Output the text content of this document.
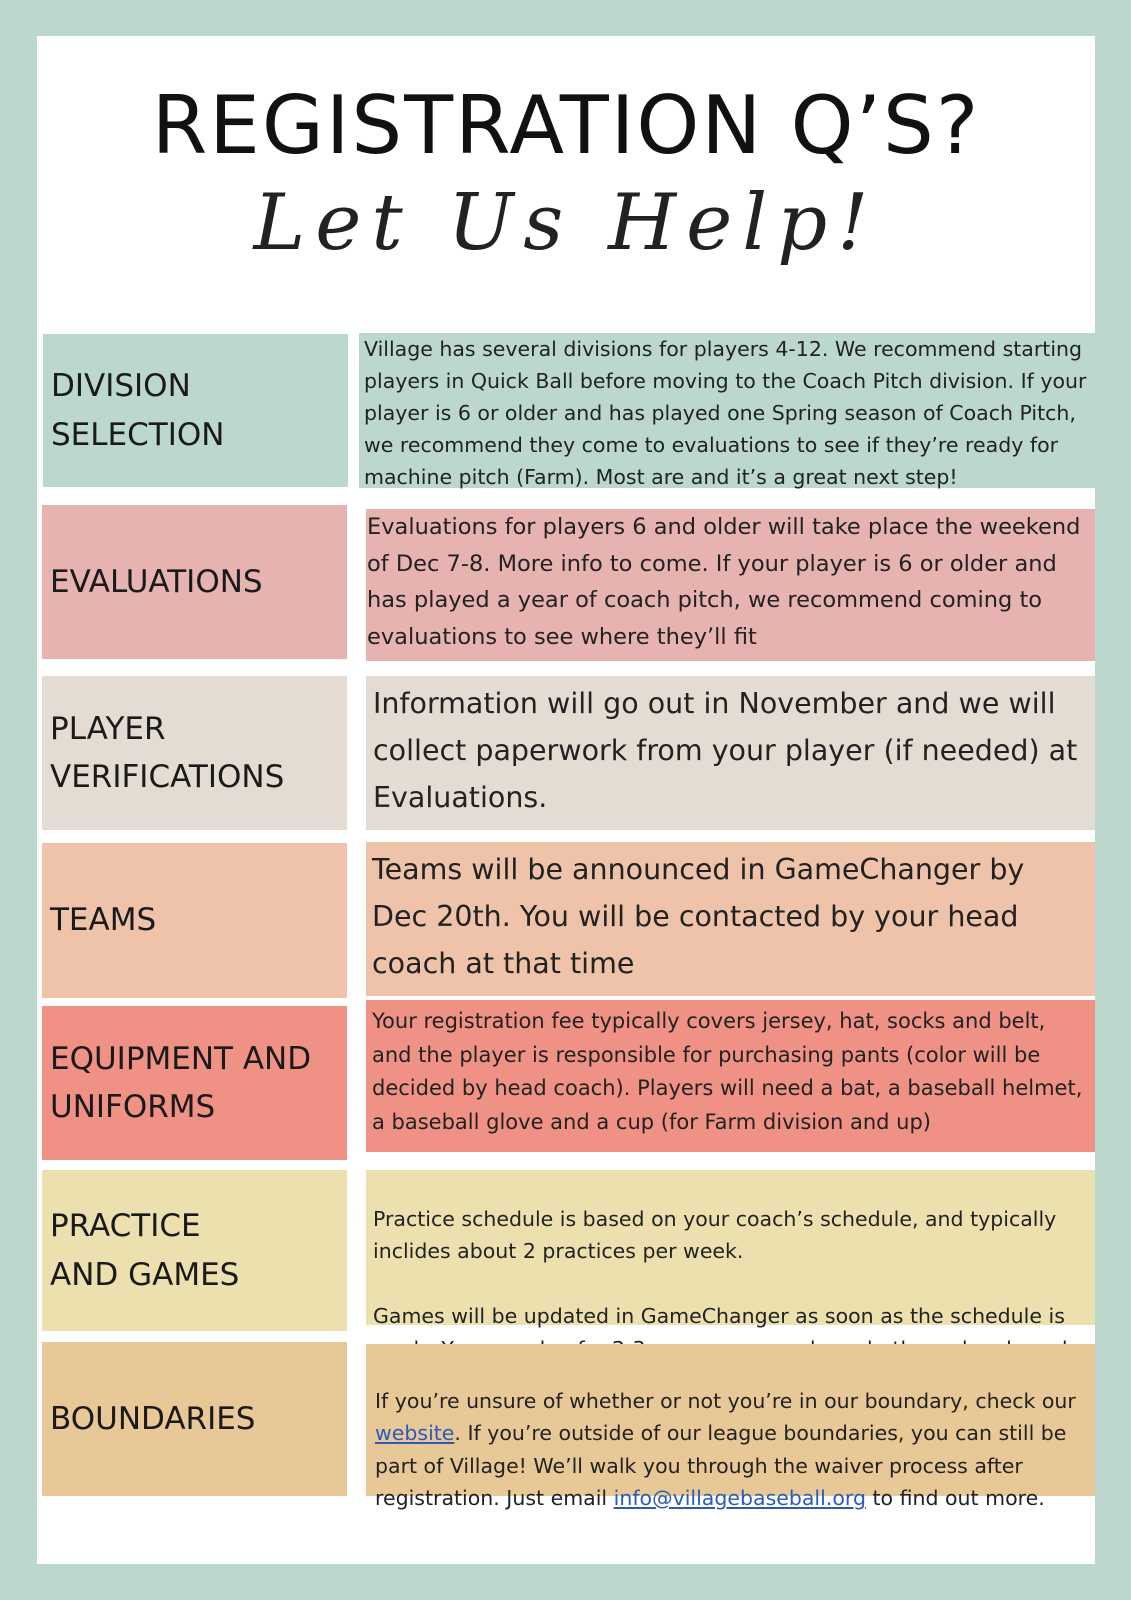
REGISTRATION Q’S?
Let Us Help!
DIVISION
SELECTION
Village has several divisions for players 4-12. We recommend starting players in Quick Ball before moving to the Coach Pitch division. If your player is 6 or older and has played one Spring season of Coach Pitch, we recommend they come to evaluations to see if they’re ready for machine pitch (Farm). Most are and it’s a great next step!
EVALUATIONS
Evaluations for players 6 and older will take place the weekend of Dec 7-8. More info to come. If your player is 6 or older and has played a year of coach pitch, we recommend coming to evaluations to see where they’ll fit
PLAYER
VERIFICATIONS
Information will go out in November and we will collect paperwork from your player (if needed) at Evaluations.
TEAMS
Teams will be announced in GameChanger by Dec 20th. You will be contacted by your head coach at that time
EQUIPMENT AND
UNIFORMS
Your registration fee typically covers jersey, hat, socks and belt, and the player is responsible for purchasing pants (color will be decided by head coach). Players will need a bat, a baseball helmet, a baseball glove and a cup (for Farm division and up)
PRACTICE
AND GAMES

Practice schedule is based on your coach’s schedule, and typically inclides about 2 practices per week.

Games will be updated in GameChanger as soon as the schedule is

BOUNDARIES

If you’re unsure of whether or not you’re in our boundary, check our website. If you’re outside of our league boundaries, you can still be part of Village! We’ll walk you through the waiver process after registration. Just email info@villagebaseball.org to find out more.
